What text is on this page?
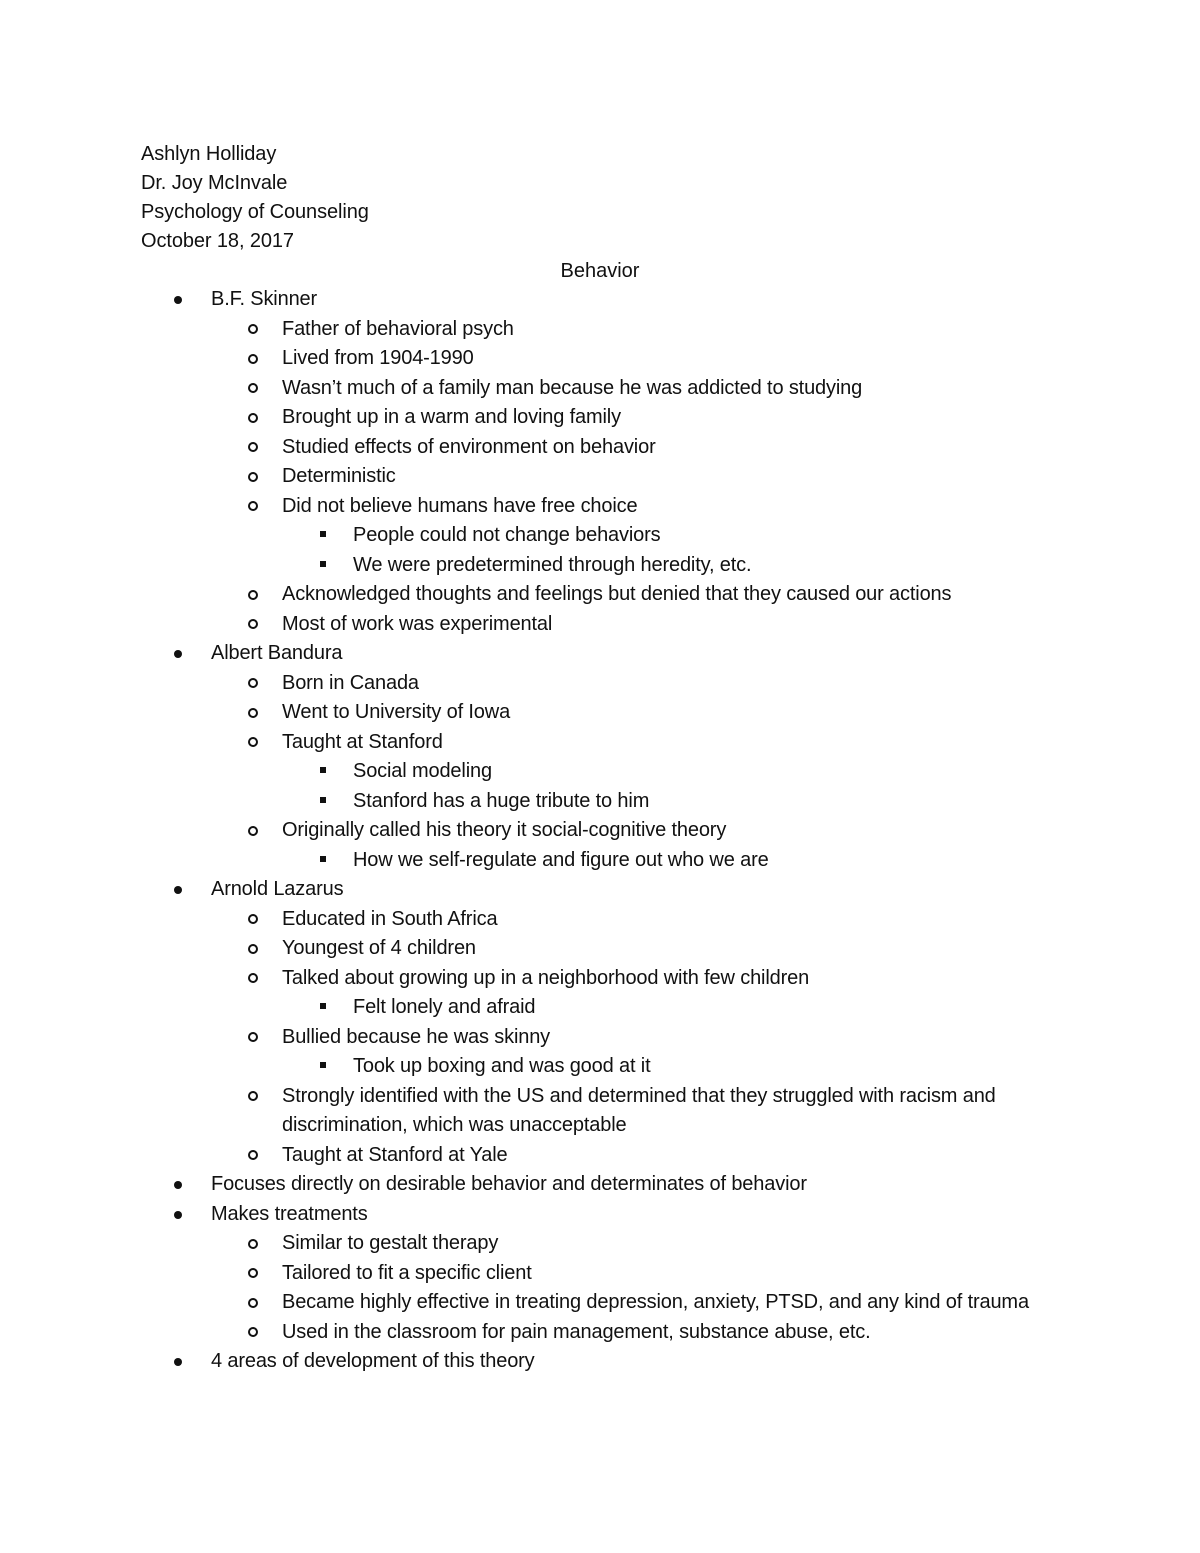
Ashlyn Holliday
Dr. Joy McInvale
Psychology of Counseling
October 18, 2017
Behavior
B.F. Skinner
Father of behavioral psych
Lived from 1904-1990
Wasn’t much of a family man because he was addicted to studying
Brought up in a warm and loving family
Studied effects of environment on behavior
Deterministic
Did not believe humans have free choice
People could not change behaviors
We were predetermined through heredity, etc.
Acknowledged thoughts and feelings but denied that they caused our actions
Most of work was experimental
Albert Bandura
Born in Canada
Went to University of Iowa
Taught at Stanford
Social modeling
Stanford has a huge tribute to him
Originally called his theory it social-cognitive theory
How we self-regulate and figure out who we are
Arnold Lazarus
Educated in South Africa
Youngest of 4 children
Talked about growing up in a neighborhood with few children
Felt lonely and afraid
Bullied because he was skinny
Took up boxing and was good at it
Strongly identified with the US and determined that they struggled with racism and discrimination, which was unacceptable
Taught at Stanford at Yale
Focuses directly on desirable behavior and determinates of behavior
Makes treatments
Similar to gestalt therapy
Tailored to fit a specific client
Became highly effective in treating depression, anxiety, PTSD, and any kind of trauma
Used in the classroom for pain management, substance abuse, etc.
4 areas of development of this theory
